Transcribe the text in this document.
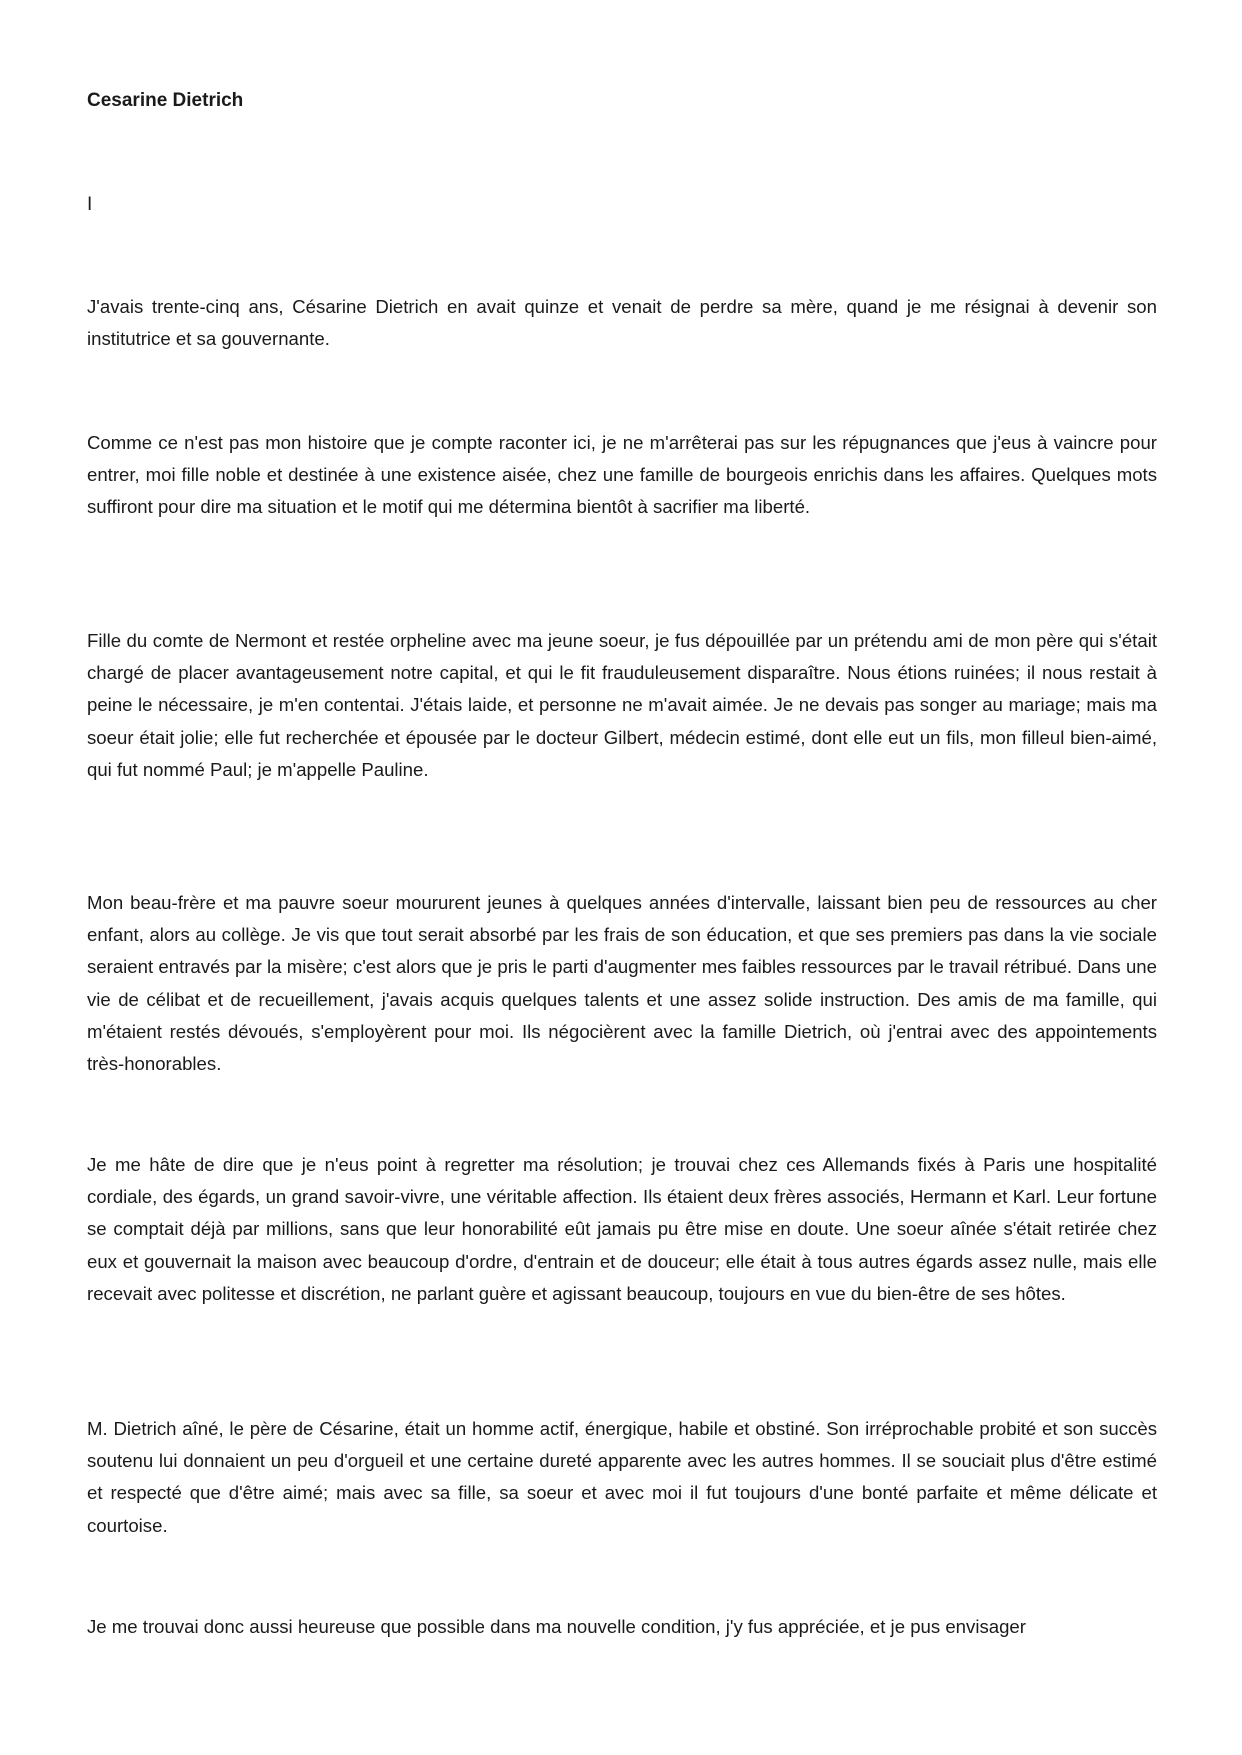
Cesarine Dietrich

I

J'avais trente-cinq ans, Césarine Dietrich en avait quinze et venait de perdre sa mère, quand je me résignai à devenir son institutrice et sa gouvernante.

Comme ce n'est pas mon histoire que je compte raconter ici, je ne m'arrêterai pas sur les répugnances que j'eus à vaincre pour entrer, moi fille noble et destinée à une existence aisée, chez une famille de bourgeois enrichis dans les affaires. Quelques mots suffiront pour dire ma situation et le motif qui me détermina bientôt à sacrifier ma liberté.

Fille du comte de Nermont et restée orpheline avec ma jeune soeur, je fus dépouillée par un prétendu ami de mon père qui s'était chargé de placer avantageusement notre capital, et qui le fit frauduleusement disparaître. Nous étions ruinées; il nous restait à peine le nécessaire, je m'en contentai. J'étais laide, et personne ne m'avait aimée. Je ne devais pas songer au mariage; mais ma soeur était jolie; elle fut recherchée et épousée par le docteur Gilbert, médecin estimé, dont elle eut un fils, mon filleul bien-aimé, qui fut nommé Paul; je m'appelle Pauline.

Mon beau-frère et ma pauvre soeur moururent jeunes à quelques années d'intervalle, laissant bien peu de ressources au cher enfant, alors au collège. Je vis que tout serait absorbé par les frais de son éducation, et que ses premiers pas dans la vie sociale seraient entravés par la misère; c'est alors que je pris le parti d'augmenter mes faibles ressources par le travail rétribué. Dans une vie de célibat et de recueillement, j'avais acquis quelques talents et une assez solide instruction. Des amis de ma famille, qui m'étaient restés dévoués, s'employèrent pour moi. Ils négocièrent avec la famille Dietrich, où j'entrai avec des appointements très-honorables.

Je me hâte de dire que je n'eus point à regretter ma résolution; je trouvai chez ces Allemands fixés à Paris une hospitalité cordiale, des égards, un grand savoir-vivre, une véritable affection. Ils étaient deux frères associés, Hermann et Karl. Leur fortune se comptait déjà par millions, sans que leur honorabilité eût jamais pu être mise en doute. Une soeur aînée s'était retirée chez eux et gouvernait la maison avec beaucoup d'ordre, d'entrain et de douceur; elle était à tous autres égards assez nulle, mais elle recevait avec politesse et discrétion, ne parlant guère et agissant beaucoup, toujours en vue du bien-être de ses hôtes.

M. Dietrich aîné, le père de Césarine, était un homme actif, énergique, habile et obstiné. Son irréprochable probité et son succès soutenu lui donnaient un peu d'orgueil et une certaine dureté apparente avec les autres hommes. Il se souciait plus d'être estimé et respecté que d'être aimé; mais avec sa fille, sa soeur et avec moi il fut toujours d'une bonté parfaite et même délicate et courtoise.

Je me trouvai donc aussi heureuse que possible dans ma nouvelle condition, j'y fus appréciée, et je pus envisager
